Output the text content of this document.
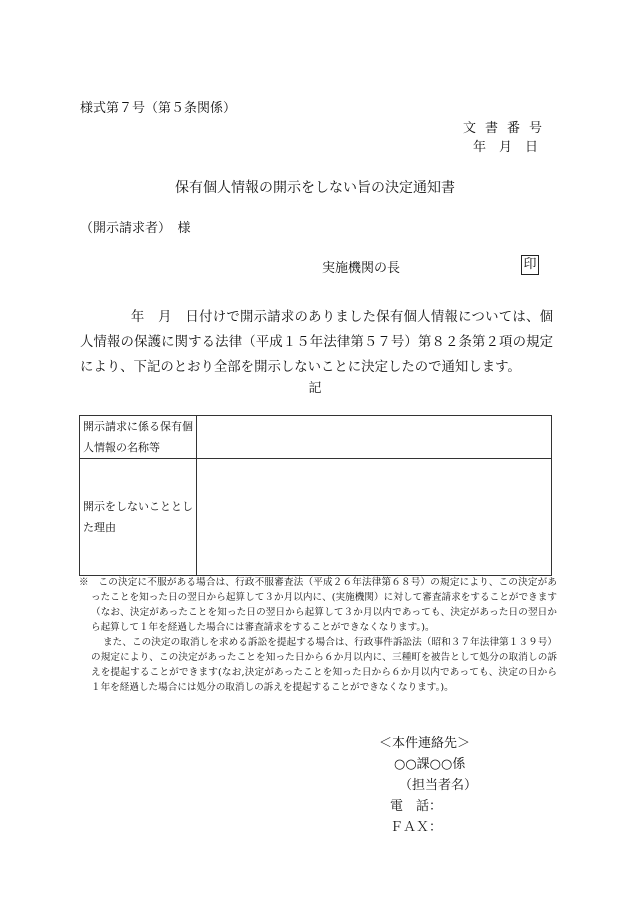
様式第７号（第５条関係）
文書番号
年月日
保有個人情報の開示をしない旨の決定通知書
（開示請求者）　様
実施機関の長	印

年　月　日付けで開示請求のありました保有個人情報については、個人情報の保護に関する法律（平成１５年法律第５７号）第８２条第２項の規定により、下記のとおり全部を開示しないことに決定したので通知します。

記
開示請求に係る保有個人情報の名称等	
開示をしないこととした理由	

※　この決定に不服がある場合は、行政不服審査法（平成２６年法律第６８号）の規定により、この決定があったことを知った日の翌日から起算して３か月以内に、(実施機関）に対して審査請求をすることができます（なお、決定があったことを知った日の翌日から起算して３か月以内であっても、決定があった日の翌日から起算して１年を経過した場合には審査請求をすることができなくなります。)。

また、この決定の取消しを求める訴訟を提起する場合は、行政事件訴訟法（昭和３７年法律第１３９号）の規定により、この決定があったことを知った日から６か月以内に、三種町を被告として処分の取消しの訴えを提起することができます(なお,決定があったことを知った日から６か月以内であっても、決定の日から１年を経過した場合には処分の取消しの訴えを提起することができなくなります。)。

＜本件連絡先＞
○○課○○係
（担当者名）
電　話：
ＦＡＸ：
